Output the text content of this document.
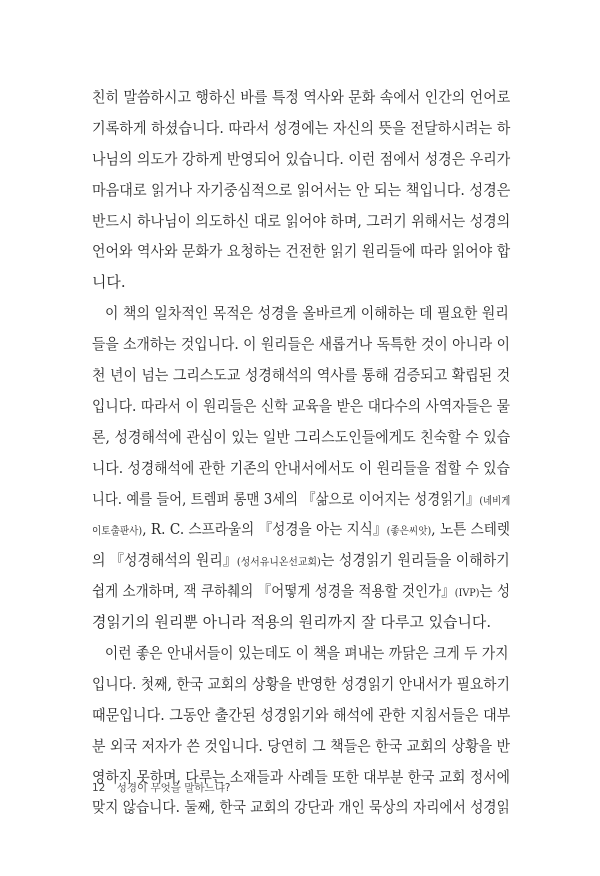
친히 말씀하시고 행하신 바를 특정 역사와 문화 속에서 인간의 언어로
기록하게 하셨습니다. 따라서 성경에는 자신의 뜻을 전달하시려는 하
나님의 의도가 강하게 반영되어 있습니다. 이런 점에서 성경은 우리가
마음대로 읽거나 자기중심적으로 읽어서는 안 되는 책입니다. 성경은
반드시 하나님이 의도하신 대로 읽어야 하며, 그러기 위해서는 성경의
언어와 역사와 문화가 요청하는 건전한 읽기 원리들에 따라 읽어야 합
니다.
이 책의 일차적인 목적은 성경을 올바르게 이해하는 데 필요한 원리
들을 소개하는 것입니다. 이 원리들은 새롭거나 독특한 것이 아니라 이
천 년이 넘는 그리스도교 성경해석의 역사를 통해 검증되고 확립된 것
입니다. 따라서 이 원리들은 신학 교육을 받은 대다수의 사역자들은 물
론, 성경해석에 관심이 있는 일반 그리스도인들에게도 친숙할 수 있습
니다. 성경해석에 관한 기존의 안내서에서도 이 원리들을 접할 수 있습
니다. 예를 들어, 트렘퍼 롱맨 3세의 『삶으로 이어지는 성경읽기』(네비게
이토출판사), R. C. 스프라울의 『성경을 아는 지식』(좋은씨앗), 노튼 스테렛
의 『성경해석의 원리』(성서유니온선교회)는 성경읽기 원리들을 이해하기
쉽게 소개하며, 잭 쿠하췌의 『어떻게 성경을 적용할 것인가』(IVP)는 성
경읽기의 원리뿐 아니라 적용의 원리까지 잘 다루고 있습니다.
이런 좋은 안내서들이 있는데도 이 책을 펴내는 까닭은 크게 두 가지
입니다. 첫째, 한국 교회의 상황을 반영한 성경읽기 안내서가 필요하기
때문입니다. 그동안 출간된 성경읽기와 해석에 관한 지침서들은 대부
분 외국 저자가 쓴 것입니다. 당연히 그 책들은 한국 교회의 상황을 반
영하지 못하며, 다루는 소재들과 사례들 또한 대부분 한국 교회 정서에
맞지 않습니다. 둘째, 한국 교회의 강단과 개인 묵상의 자리에서 성경읽
12 성경이 무엇을 말하느냐?
